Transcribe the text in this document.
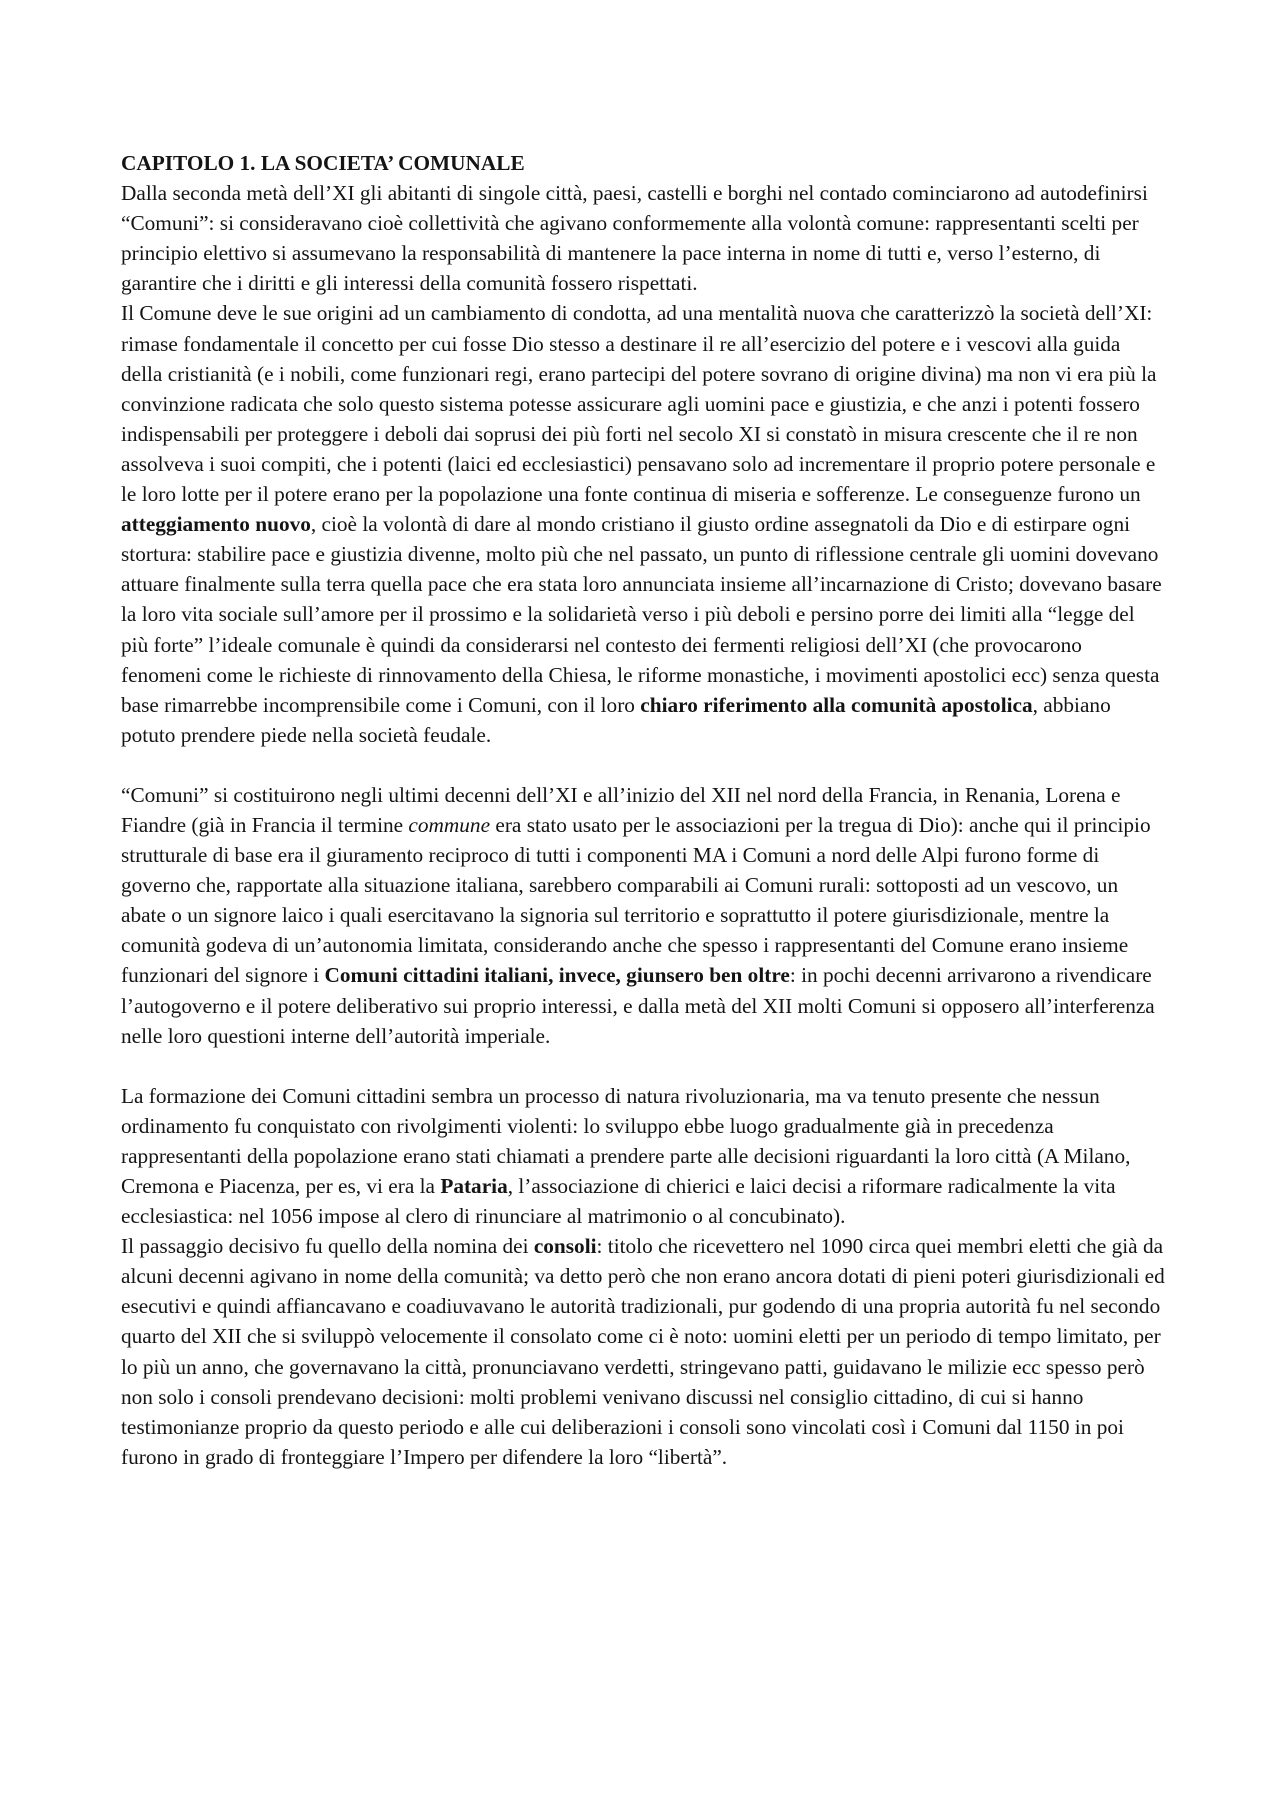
CAPITOLO 1. LA SOCIETA’ COMUNALE

Dalla seconda metà dell’XI gli abitanti di singole città, paesi, castelli e borghi nel contado cominciarono ad autodefinirsi “Comuni”: si consideravano cioè collettività che agivano conformemente alla volontà comune: rappresentanti scelti per principio elettivo si assumevano la responsabilità di mantenere la pace interna in nome di tutti e, verso l’esterno, di garantire che i diritti e gli interessi della comunità fossero rispettati.

Il Comune deve le sue origini ad un cambiamento di condotta, ad una mentalità nuova che caratterizzò la società dell’XI: rimase fondamentale il concetto per cui fosse Dio stesso a destinare il re all’esercizio del potere e i vescovi alla guida della cristianità (e i nobili, come funzionari regi, erano partecipi del potere sovrano di origine divina) ma non vi era più la convinzione radicata che solo questo sistema potesse assicurare agli uomini pace e giustizia, e che anzi i potenti fossero indispensabili per proteggere i deboli dai soprusi dei più forti nel secolo XI si constatò in misura crescente che il re non assolveva i suoi compiti, che i potenti (laici ed ecclesiastici) pensavano solo ad incrementare il proprio potere personale e le loro lotte per il potere erano per la popolazione una fonte continua di miseria e sofferenze. Le conseguenze furono un atteggiamento nuovo, cioè la volontà di dare al mondo cristiano il giusto ordine assegnatoli da Dio e di estirpare ogni stortura: stabilire pace e giustizia divenne, molto più che nel passato, un punto di riflessione centrale gli uomini dovevano attuare finalmente sulla terra quella pace che era stata loro annunciata insieme all’incarnazione di Cristo; dovevano basare la loro vita sociale sull’amore per il prossimo e la solidarietà verso i più deboli e persino porre dei limiti alla “legge del più forte” l’ideale comunale è quindi da considerarsi nel contesto dei fermenti religiosi dell’XI (che provocarono fenomeni come le richieste di rinnovamento della Chiesa, le riforme monastiche, i movimenti apostolici ecc) senza questa base rimarrebbe incomprensibile come i Comuni, con il loro chiaro riferimento alla comunità apostolica, abbiano potuto prendere piede nella società feudale.

“Comuni” si costituirono negli ultimi decenni dell’XI e all’inizio del XII nel nord della Francia, in Renania, Lorena e Fiandre (già in Francia il termine commune era stato usato per le associazioni per la tregua di Dio): anche qui il principio strutturale di base era il giuramento reciproco di tutti i componenti MA i Comuni a nord delle Alpi furono forme di governo che, rapportate alla situazione italiana, sarebbero comparabili ai Comuni rurali: sottoposti ad un vescovo, un abate o un signore laico i quali esercitavano la signoria sul territorio e soprattutto il potere giurisdizionale, mentre la comunità godeva di un’autonomia limitata, considerando anche che spesso i rappresentanti del Comune erano insieme funzionari del signore i Comuni cittadini italiani, invece, giunsero ben oltre: in pochi decenni arrivarono a rivendicare l’autogoverno e il potere deliberativo sui proprio interessi, e dalla metà del XII molti Comuni si opposero all’interferenza nelle loro questioni interne dell’autorità imperiale.

La formazione dei Comuni cittadini sembra un processo di natura rivoluzionaria, ma va tenuto presente che nessun ordinamento fu conquistato con rivolgimenti violenti: lo sviluppo ebbe luogo gradualmente già in precedenza rappresentanti della popolazione erano stati chiamati a prendere parte alle decisioni riguardanti la loro città (A Milano, Cremona e Piacenza, per es, vi era la Pataria, l’associazione di chierici e laici decisi a riformare radicalmente la vita ecclesiastica: nel 1056 impose al clero di rinunciare al matrimonio o al concubinato).

Il passaggio decisivo fu quello della nomina dei consoli: titolo che ricevettero nel 1090 circa quei membri eletti che già da alcuni decenni agivano in nome della comunità; va detto però che non erano ancora dotati di pieni poteri giurisdizionali ed esecutivi e quindi affiancavano e coadiuvavano le autorità tradizionali, pur godendo di una propria autorità fu nel secondo quarto del XII che si sviluppò velocemente il consolato come ci è noto: uomini eletti per un periodo di tempo limitato, per lo più un anno, che governavano la città, pronunciavano verdetti, stringevano patti, guidavano le milizie ecc spesso però non solo i consoli prendevano decisioni: molti problemi venivano discussi nel consiglio cittadino, di cui si hanno testimonianze proprio da questo periodo e alle cui deliberazioni i consoli sono vincolati così i Comuni dal 1150 in poi furono in grado di fronteggiare l’Impero per difendere la loro “libertà”.
